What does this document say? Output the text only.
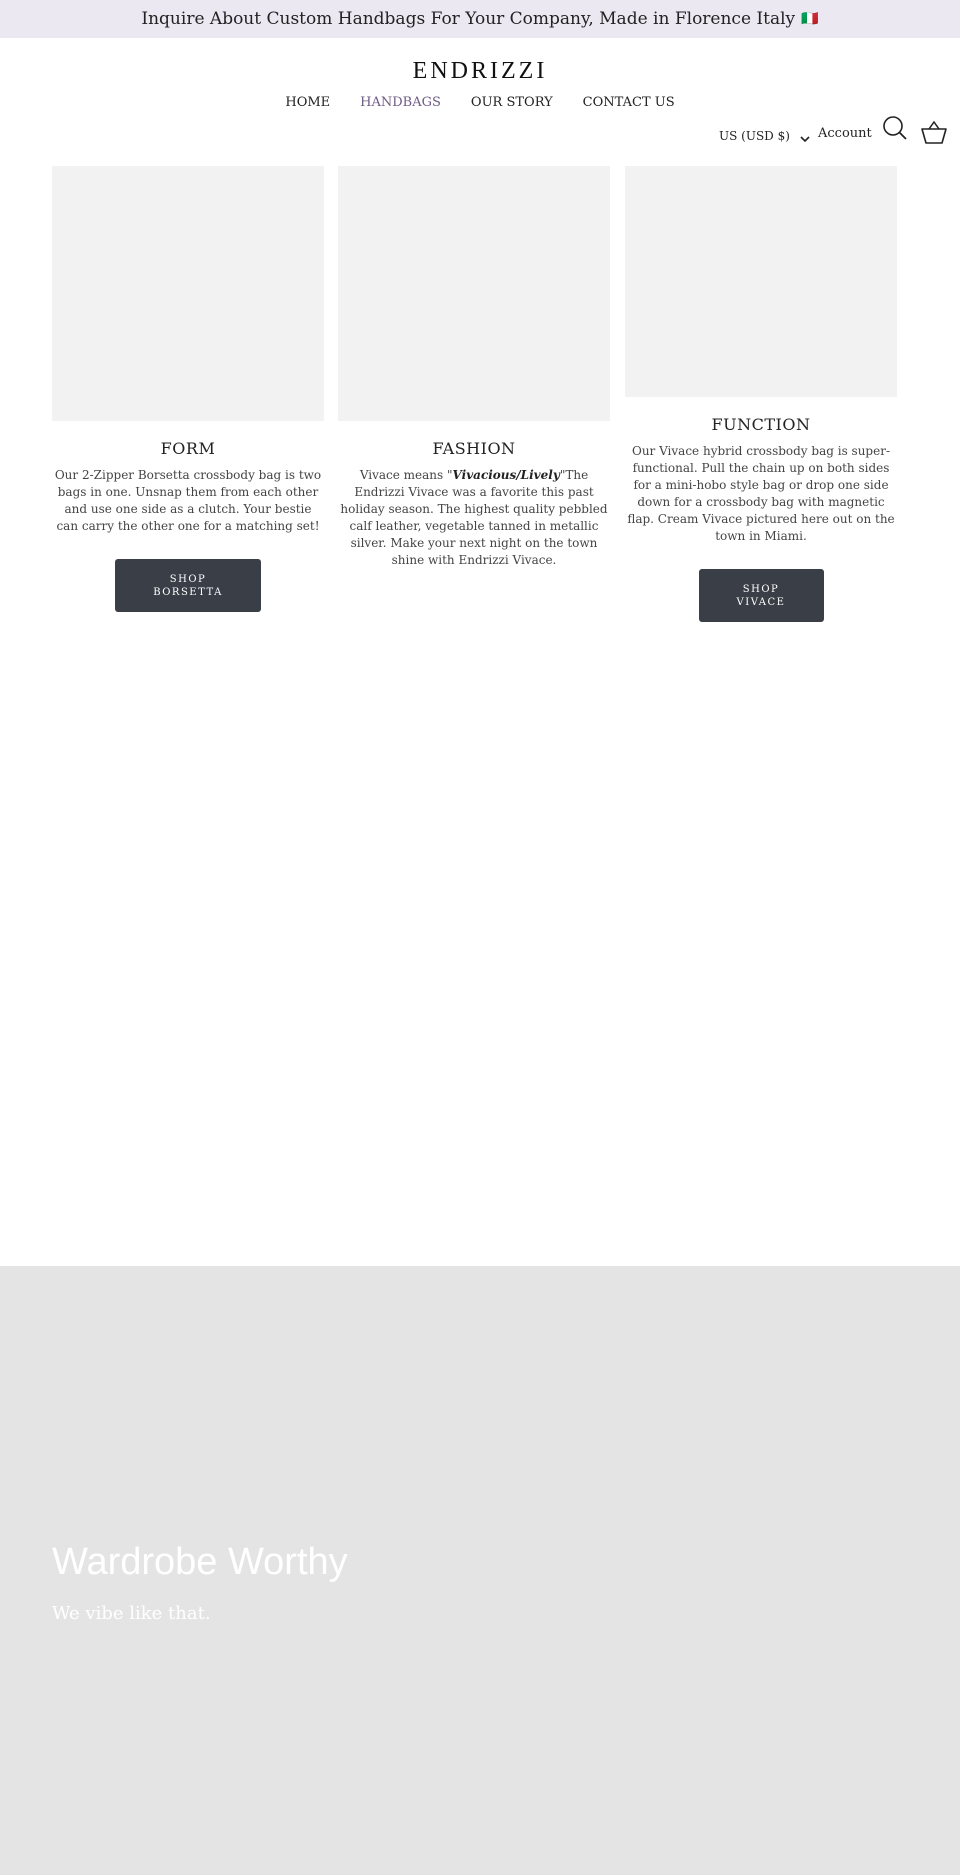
Inquire About Custom Handbags For Your Company, Made in Florence Italy 🇮🇹
ENDRIZZI
HOME HANDBAGS OUR STORY CONTACT US
US (USD $) Account
FORM

Our 2-Zipper Borsetta crossbody bag is two bags in one. Unsnap them from each other and use one side as a clutch. Your bestie can carry the other one for a matching set!

SHOP
BORSETTA
FASHION

Vivace means "Vivacious/Lively"The Endrizzi Vivace was a favorite this past holiday season. The highest quality pebbled calf leather, vegetable tanned in metallic silver. Make your next night on the town shine with Endrizzi Vivace.

FUNCTION

Our Vivace hybrid crossbody bag is super-functional. Pull the chain up on both sides for a mini-hobo style bag or drop one side down for a crossbody bag with magnetic flap. Cream Vivace pictured here out on the town in Miami.

SHOP
VIVACE
Wardrobe Worthy
We vibe like that.
